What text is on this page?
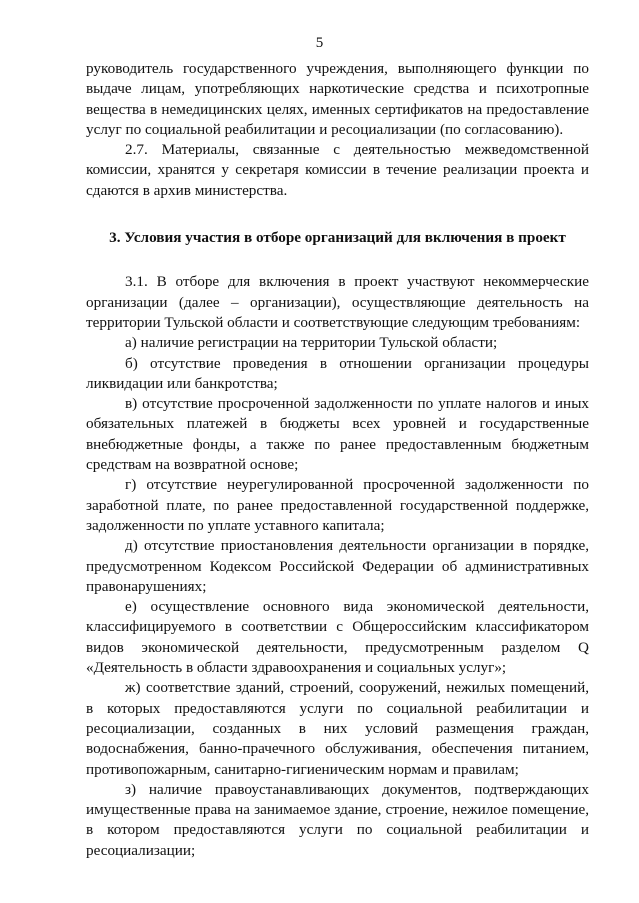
5

руководитель государственного учреждения, выполняющего функции по выдаче лицам, употребляющих наркотические средства и психотропные вещества в немедицинских целях, именных сертификатов на предоставление услуг по социальной реабилитации и ресоциализации (по согласованию).

2.7. Материалы, связанные с деятельностью межведомственной комиссии, хранятся у секретаря комиссии в течение реализации проекта и сдаются в архив министерства.

3. Условия участия в отборе организаций для включения в проект

3.1. В отборе для включения в проект участвуют некоммерческие организации (далее – организации), осуществляющие деятельность на территории Тульской области и соответствующие следующим требованиям:

а) наличие регистрации на территории Тульской области;

б) отсутствие проведения в отношении организации процедуры ликвидации или банкротства;

в) отсутствие просроченной задолженности по уплате налогов и иных обязательных платежей в бюджеты всех уровней и государственные внебюджетные фонды, а также по ранее предоставленным бюджетным средствам на возвратной основе;

г) отсутствие неурегулированной просроченной задолженности по заработной плате, по ранее предоставленной государственной поддержке, задолженности по уплате уставного капитала;

д) отсутствие приостановления деятельности организации в порядке, предусмотренном Кодексом Российской Федерации об административных правонарушениях;

е) осуществление основного вида экономической деятельности, классифицируемого в соответствии с Общероссийским классификатором видов экономической деятельности, предусмотренным разделом Q «Деятельность в области здравоохранения и социальных услуг»;

ж) соответствие зданий, строений, сооружений, нежилых помещений, в которых предоставляются услуги по социальной реабилитации и ресоциализации, созданных в них условий размещения граждан, водоснабжения, банно-прачечного обслуживания, обеспечения питанием, противопожарным, санитарно-гигиеническим нормам и правилам;

з) наличие правоустанавливающих документов, подтверждающих имущественные права на занимаемое здание, строение, нежилое помещение, в котором предоставляются услуги по социальной реабилитации и ресоциализации;
